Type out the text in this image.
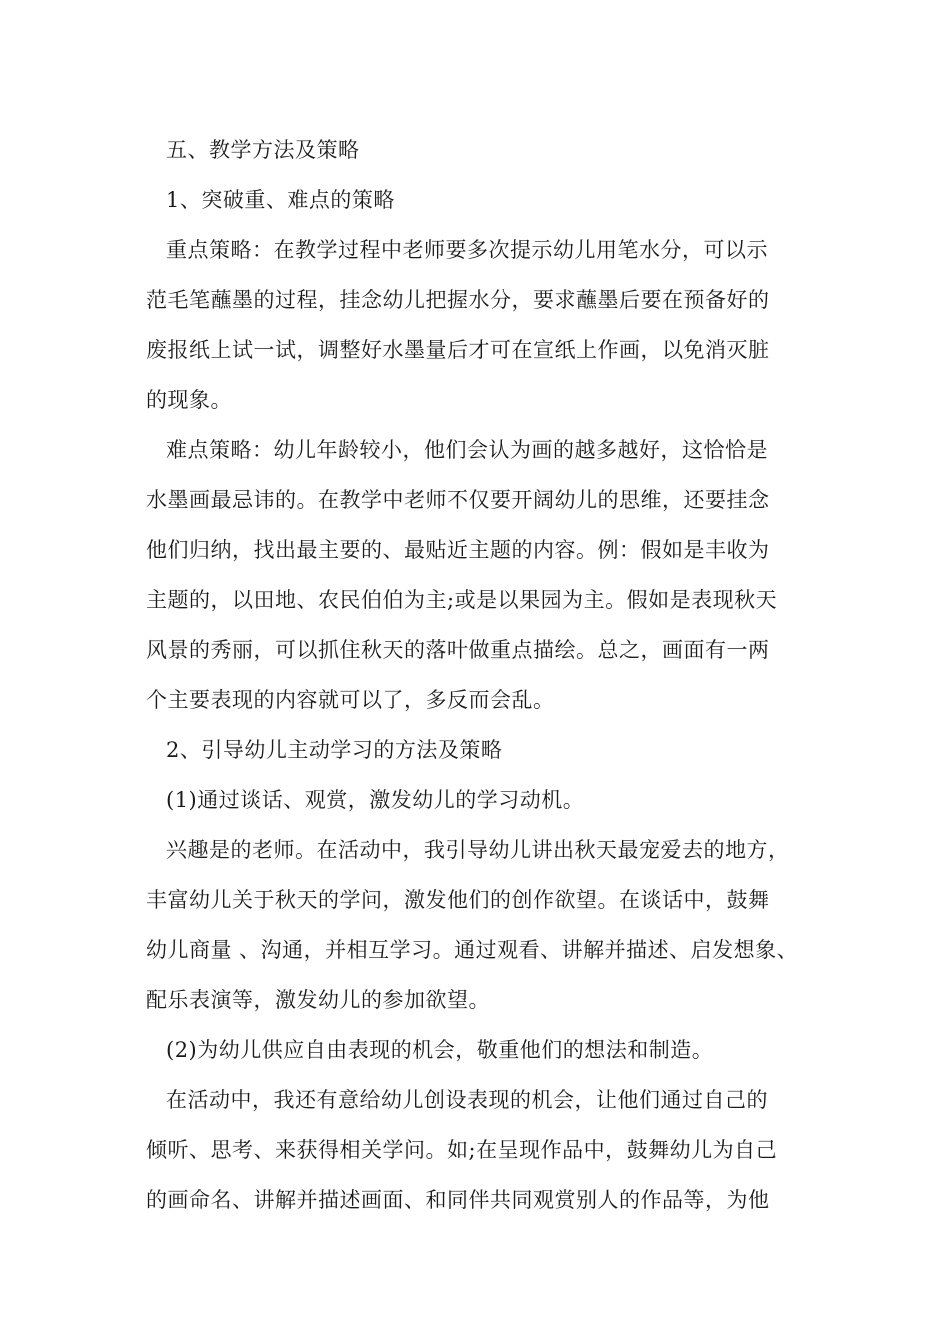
五、教学方法及策略
1、突破重、难点的策略
重点策略：在教学过程中老师要多次提示幼儿用笔水分，可以示
范毛笔蘸墨的过程，挂念幼儿把握水分，要求蘸墨后要在预备好的
废报纸上试一试，调整好水墨量后才可在宣纸上作画，以免消灭脏
的现象。
难点策略：幼儿年龄较小，他们会认为画的越多越好，这恰恰是
水墨画最忌讳的。在教学中老师不仅要开阔幼儿的思维，还要挂念
他们归纳，找出最主要的、最贴近主题的内容。例：假如是丰收为
主题的，以田地、农民伯伯为主;或是以果园为主。假如是表现秋天
风景的秀丽，可以抓住秋天的落叶做重点描绘。总之，画面有一两
个主要表现的内容就可以了，多反而会乱。
2、引导幼儿主动学习的方法及策略
(1)通过谈话、观赏，激发幼儿的学习动机。
兴趣是的老师。在活动中，我引导幼儿讲出秋天最宠爱去的地方，
丰富幼儿关于秋天的学问，激发他们的创作欲望。在谈话中，鼓舞
幼儿商量 、沟通，并相互学习。通过观看、讲解并描述、启发想象、
配乐表演等，激发幼儿的参加欲望。
(2)为幼儿供应自由表现的机会，敬重他们的想法和制造。
在活动中，我还有意给幼儿创设表现的机会，让他们通过自己的
倾听、思考、来获得相关学问。如;在呈现作品中，鼓舞幼儿为自己
的画命名、讲解并描述画面、和同伴共同观赏别人的作品等，为他
